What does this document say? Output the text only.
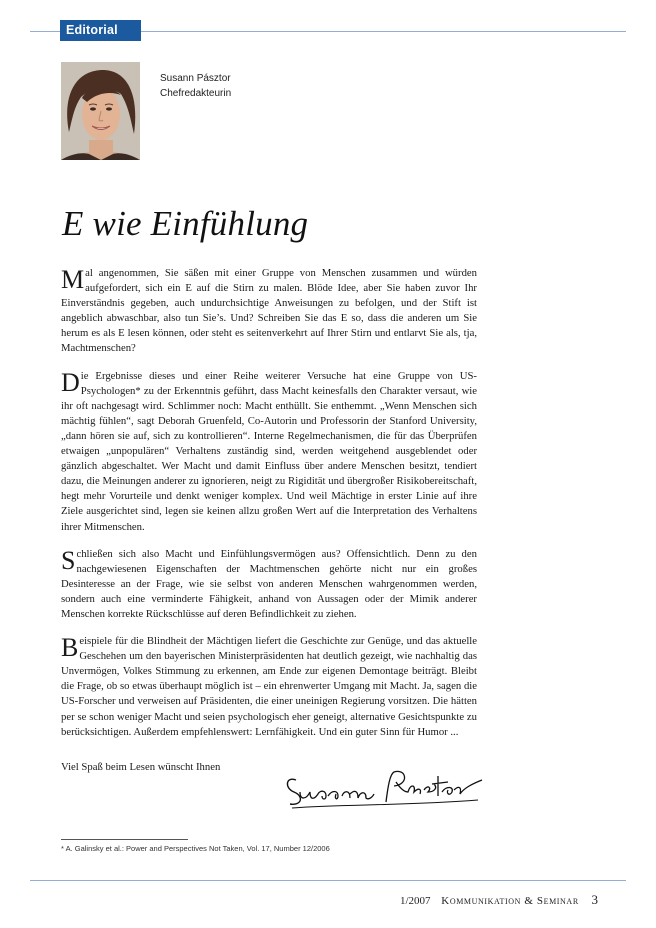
Editorial
Susann Pásztor
Chefredakteurin
E wie Einfühlung

Mal angenommen, Sie säßen mit einer Gruppe von Menschen zusammen und würden aufgefordert, sich ein E auf die Stirn zu malen. Blöde Idee, aber Sie haben zuvor Ihr Einverständnis gegeben, auch undurchsichtige Anweisungen zu befolgen, und der Stift ist angeblich abwaschbar, also tun Sie’s. Und? Schreiben Sie das E so, dass die anderen um Sie herum es als E lesen können, oder steht es seitenverkehrt auf Ihrer Stirn und entlarvt Sie als, tja, Machtmenschen?

Die Ergebnisse dieses und einer Reihe weiterer Versuche hat eine Gruppe von US-Psychologen* zu der Erkenntnis geführt, dass Macht keinesfalls den Charakter versaut, wie ihr oft nachgesagt wird. Schlimmer noch: Macht enthüllt. Sie enthemmt. „Wenn Menschen sich mächtig fühlen“, sagt Deborah Gruenfeld, Co-Autorin und Professorin der Stanford University, „dann hören sie auf, sich zu kontrollieren“. Interne Regelmechanismen, die für das Überprüfen etwaigen „unpopulären“ Verhaltens zuständig sind, werden weitgehend ausgeblendet oder gänzlich abgeschaltet. Wer Macht und damit Einfluss über andere Menschen besitzt, tendiert dazu, die Meinungen anderer zu ignorieren, neigt zu Rigidität und übergroßer Risikobereitschaft, hegt mehr Vorurteile und denkt weniger komplex. Und weil Mächtige in erster Linie auf ihre Ziele ausgerichtet sind, legen sie keinen allzu großen Wert auf die Interpretation des Verhaltens ihrer Mitmenschen.

Schließen sich also Macht und Einfühlungsvermögen aus? Offensichtlich. Denn zu den nachgewiesenen Eigenschaften der Machtmenschen gehörte nicht nur ein großes Desinteresse an der Frage, wie sie selbst von anderen Menschen wahrgenommen werden, sondern auch eine verminderte Fähigkeit, anhand von Aussagen oder der Mimik anderer Menschen korrekte Rückschlüsse auf deren Befindlichkeit zu ziehen.

Beispiele für die Blindheit der Mächtigen liefert die Geschichte zur Genüge, und das aktuelle Geschehen um den bayerischen Ministerpräsidenten hat deutlich gezeigt, wie nachhaltig das Unvermögen, Volkes Stimmung zu erkennen, am Ende zur eigenen Demontage beiträgt. Bleibt die Frage, ob so etwas überhaupt möglich ist – ein ehrenwerter Umgang mit Macht. Ja, sagen die US-Forscher und verweisen auf Präsidenten, die einer uneinigen Regierung vorsitzen. Die hätten per se schon weniger Macht und seien psychologisch eher geneigt, alternative Gesichtspunkte zu berücksichtigen. Außerdem empfehlenswert: Lernfähigkeit. Und ein guter Sinn für Humor ...

Viel Spaß beim Lesen wünscht Ihnen
* A. Galinsky et al.: Power and Perspectives Not Taken, Vol. 17, Number 12/2006
1/2007 Kommunikation & Seminar 3
